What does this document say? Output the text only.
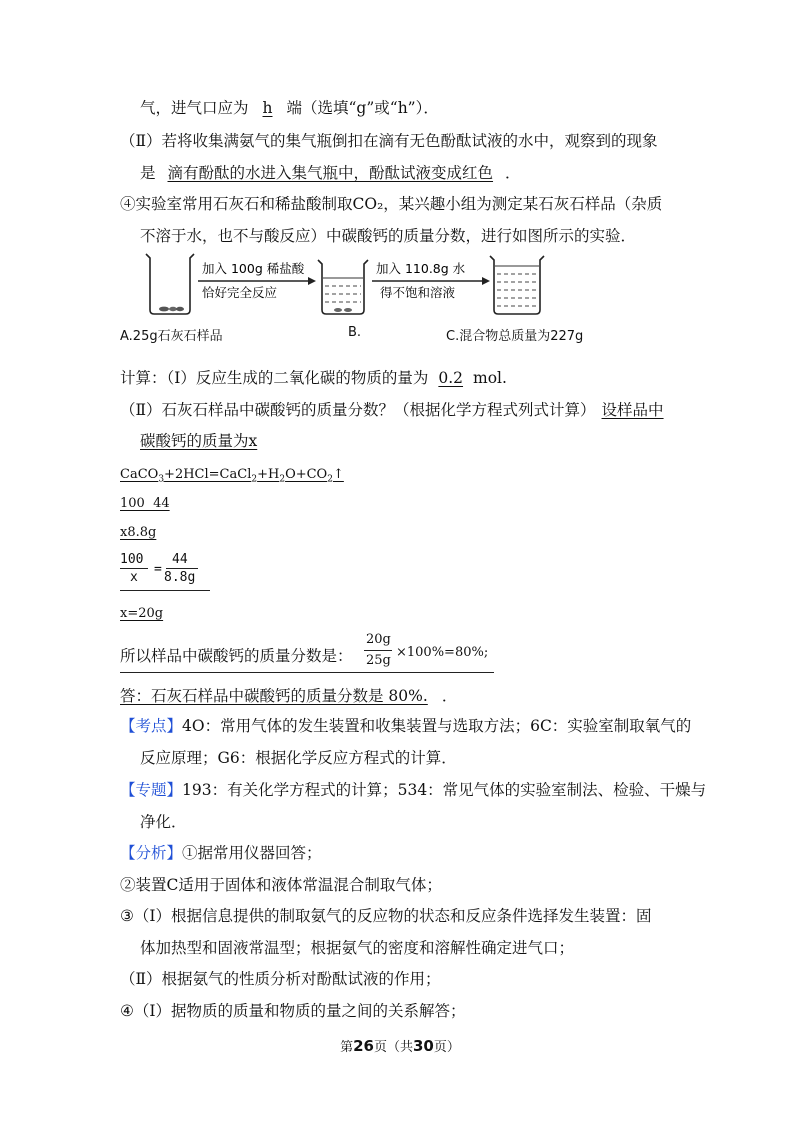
气，进气口应为 h 端（选填“g”或“h”）．
（Ⅱ）若将收集满氨气的集气瓶倒扣在滴有无色酚酞试液的水中，观察到的现象
是 滴有酚酞的水进入集气瓶中，酚酞试液变成红色 ．
④实验室常用石灰石和稀盐酸制取CO₂，某兴趣小组为测定某石灰石样品（杂质
不溶于水，也不与酸反应）中碳酸钙的质量分数，进行如图所示的实验．
加入 100g 稀盐酸
恰好完全反应
加入 110.8g 水
得不饱和溶液
A.25g石灰石样品	B.	C.混合物总质量为227g
计算：（Ⅰ）反应生成的二氧化碳的物质的量为 0.2 mol.
（Ⅱ）石灰石样品中碳酸钙的质量分数？（根据化学方程式列式计算） 设样品中
碳酸钙的质量为x
$CaCO_3+2HCl=CaCl_2+H_2O+CO_2↑$
100  44
x8.8g
100 44
x
=
8.8g
x=20g
所以样品中碳酸钙的质量分数是：
20g
25g
×100%=80%;
答：石灰石样品中碳酸钙的质量分数是 80%. ．
【考点】4O：常用气体的发生装置和收集装置与选取方法；6C：实验室制取氧气的
反应原理；G6：根据化学反应方程式的计算．
【专题】193：有关化学方程式的计算；534：常见气体的实验室制法、检验、干燥与
净化．
【分析】①据常用仪器回答；
②装置C适用于固体和液体常温混合制取气体；
③（Ⅰ）根据信息提供的制取氨气的反应物的状态和反应条件选择发生装置：固
体加热型和固液常温型；根据氨气的密度和溶解性确定进气口；
（Ⅱ）根据氨气的性质分析对酚酞试液的作用；
④（Ⅰ）据物质的质量和物质的量之间的关系解答；
第26页（共30页）
